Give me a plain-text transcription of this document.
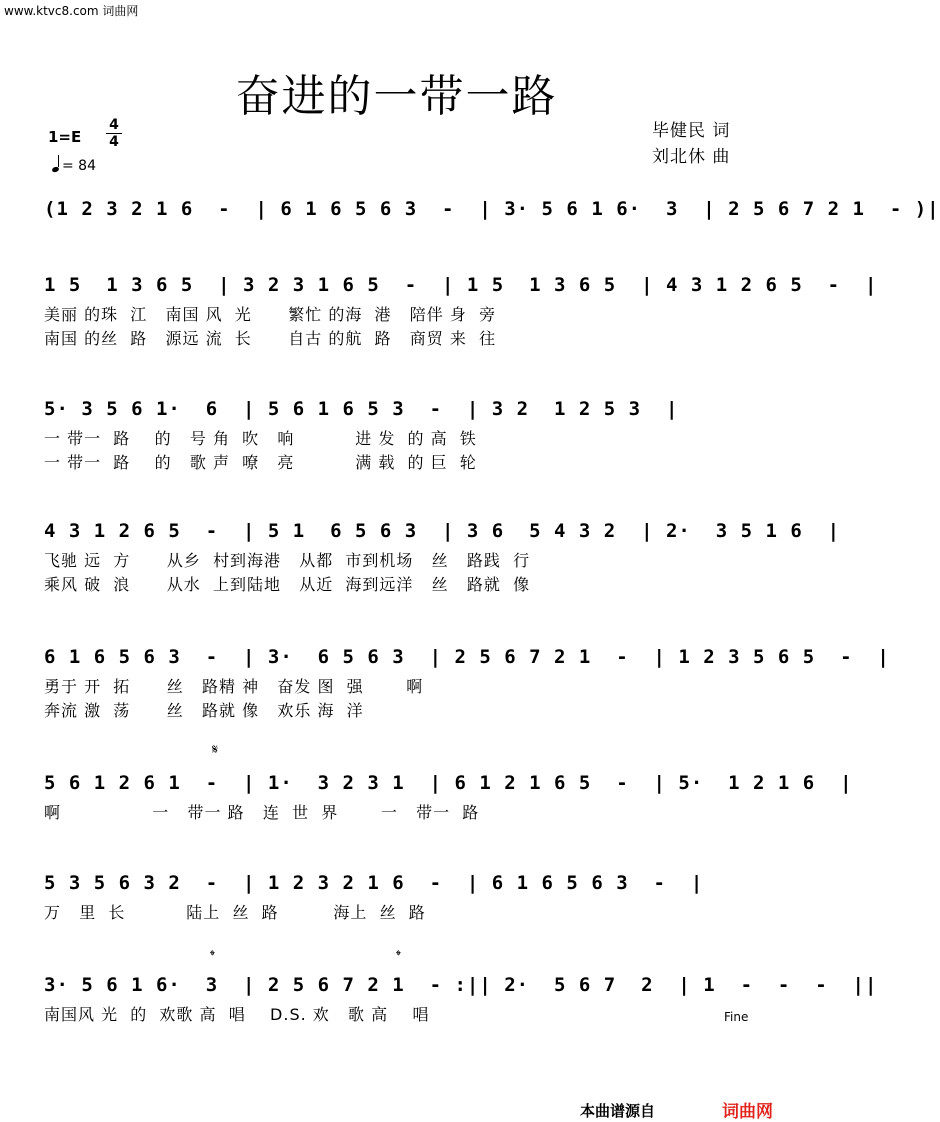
www.ktvc8.com 词曲网
奋进的一带一路
1=E
4
4
= 84
毕健民 词
刘北休 曲

(1 2 3 2 1 6  -  | 6 1 6 5 6 3  -  | 3· 5 6 1 6·  3  | 2 5 6 7 2 1  - )|

1 5  1 3 6 5  | 3 2 3 1 6 5  -  | 1 5  1 3 6 5  | 4 3 1 2 6 5  -  |

美丽 的珠  江   南国 风  光      繁忙 的海  港   陪伴 身  旁
南国 的丝  路   源远 流  长      自古 的航  路   商贸 来  往

5· 3 5 6 1·  6  | 5 6 1 6 5 3  -  | 3 2  1 2 5 3  |

一 带一  路    的   号 角  吹   响          进 发  的 高  铁
一 带一  路    的   歌 声  嘹   亮          满 载  的 巨  轮

4 3 1 2 6 5  -  | 5 1  6 5 6 3  | 3 6  5 4 3 2  | 2·  3 5 1 6  |

飞驰 远  方      从乡  村到海港   从都  市到机场   丝   路践  行
乘风 破  浪      从水  上到陆地   从近  海到远洋   丝   路就  像

6 1 6 5 6 3  -  | 3·  6 5 6 3  | 2 5 6 7 2 1  -  | 1 2 3 5 6 5  -  |

勇于 开  拓      丝   路精 神   奋发 图  强       啊
奔流 激  荡      丝   路就 像   欢乐 海  洋
𝄋

5 6 1 2 6 1  -  | 1·  3 2 3 1  | 6 1 2 1 6 5  -  | 5·  1 2 1 6  |

啊               一   带一 路   连  世  界       一   带一  路

5 3 5 6 3 2  -  | 1 2 3 2 1 6  -  | 6 1 6 5 6 3  -  |

万   里  长          陆上  丝  路         海上  丝  路
𝄌	𝄌

3· 5 6 1 6·  3  | 2 5 6 7 2 1  - :|| 2·  5 6 7  2  | 1  -  -  -  ||

南国风 光  的  欢歌 高  唱    D.S. 欢   歌 高    唱	Fine
本曲谱源自	词曲网
